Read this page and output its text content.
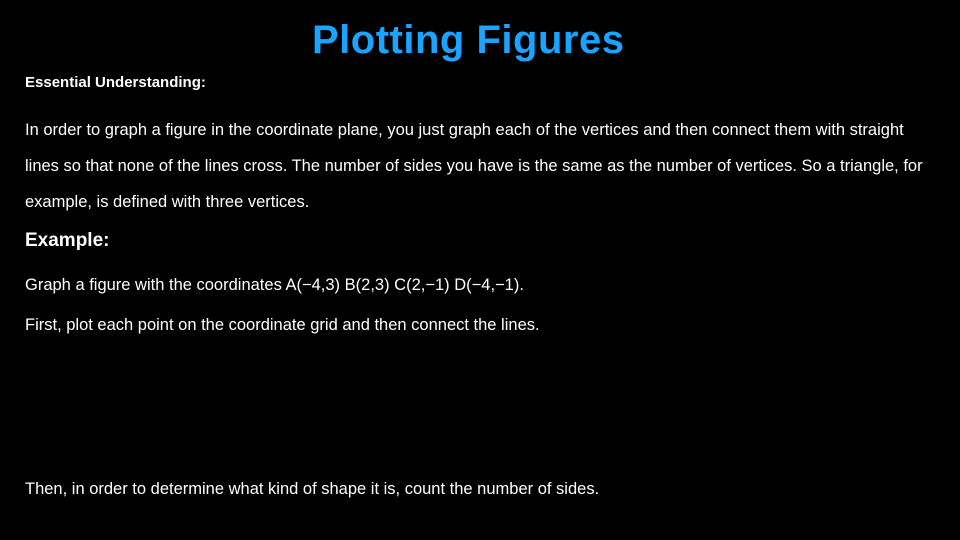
Essential Understanding:
Plotting Figures
In order to graph a figure in the coordinate plane, you just graph each of the vertices and then connect them with straight lines so that none of the lines cross. The number of sides you have is the same as the number of vertices. So a triangle, for example, is defined with three vertices.
Example:
Graph a figure with the coordinates A(−4,3) B(2,3) C(2,−1) D(−4,−1).
First, plot each point on the coordinate grid and then connect the lines.
Then, in order to determine what kind of shape it is, count the number of sides.
